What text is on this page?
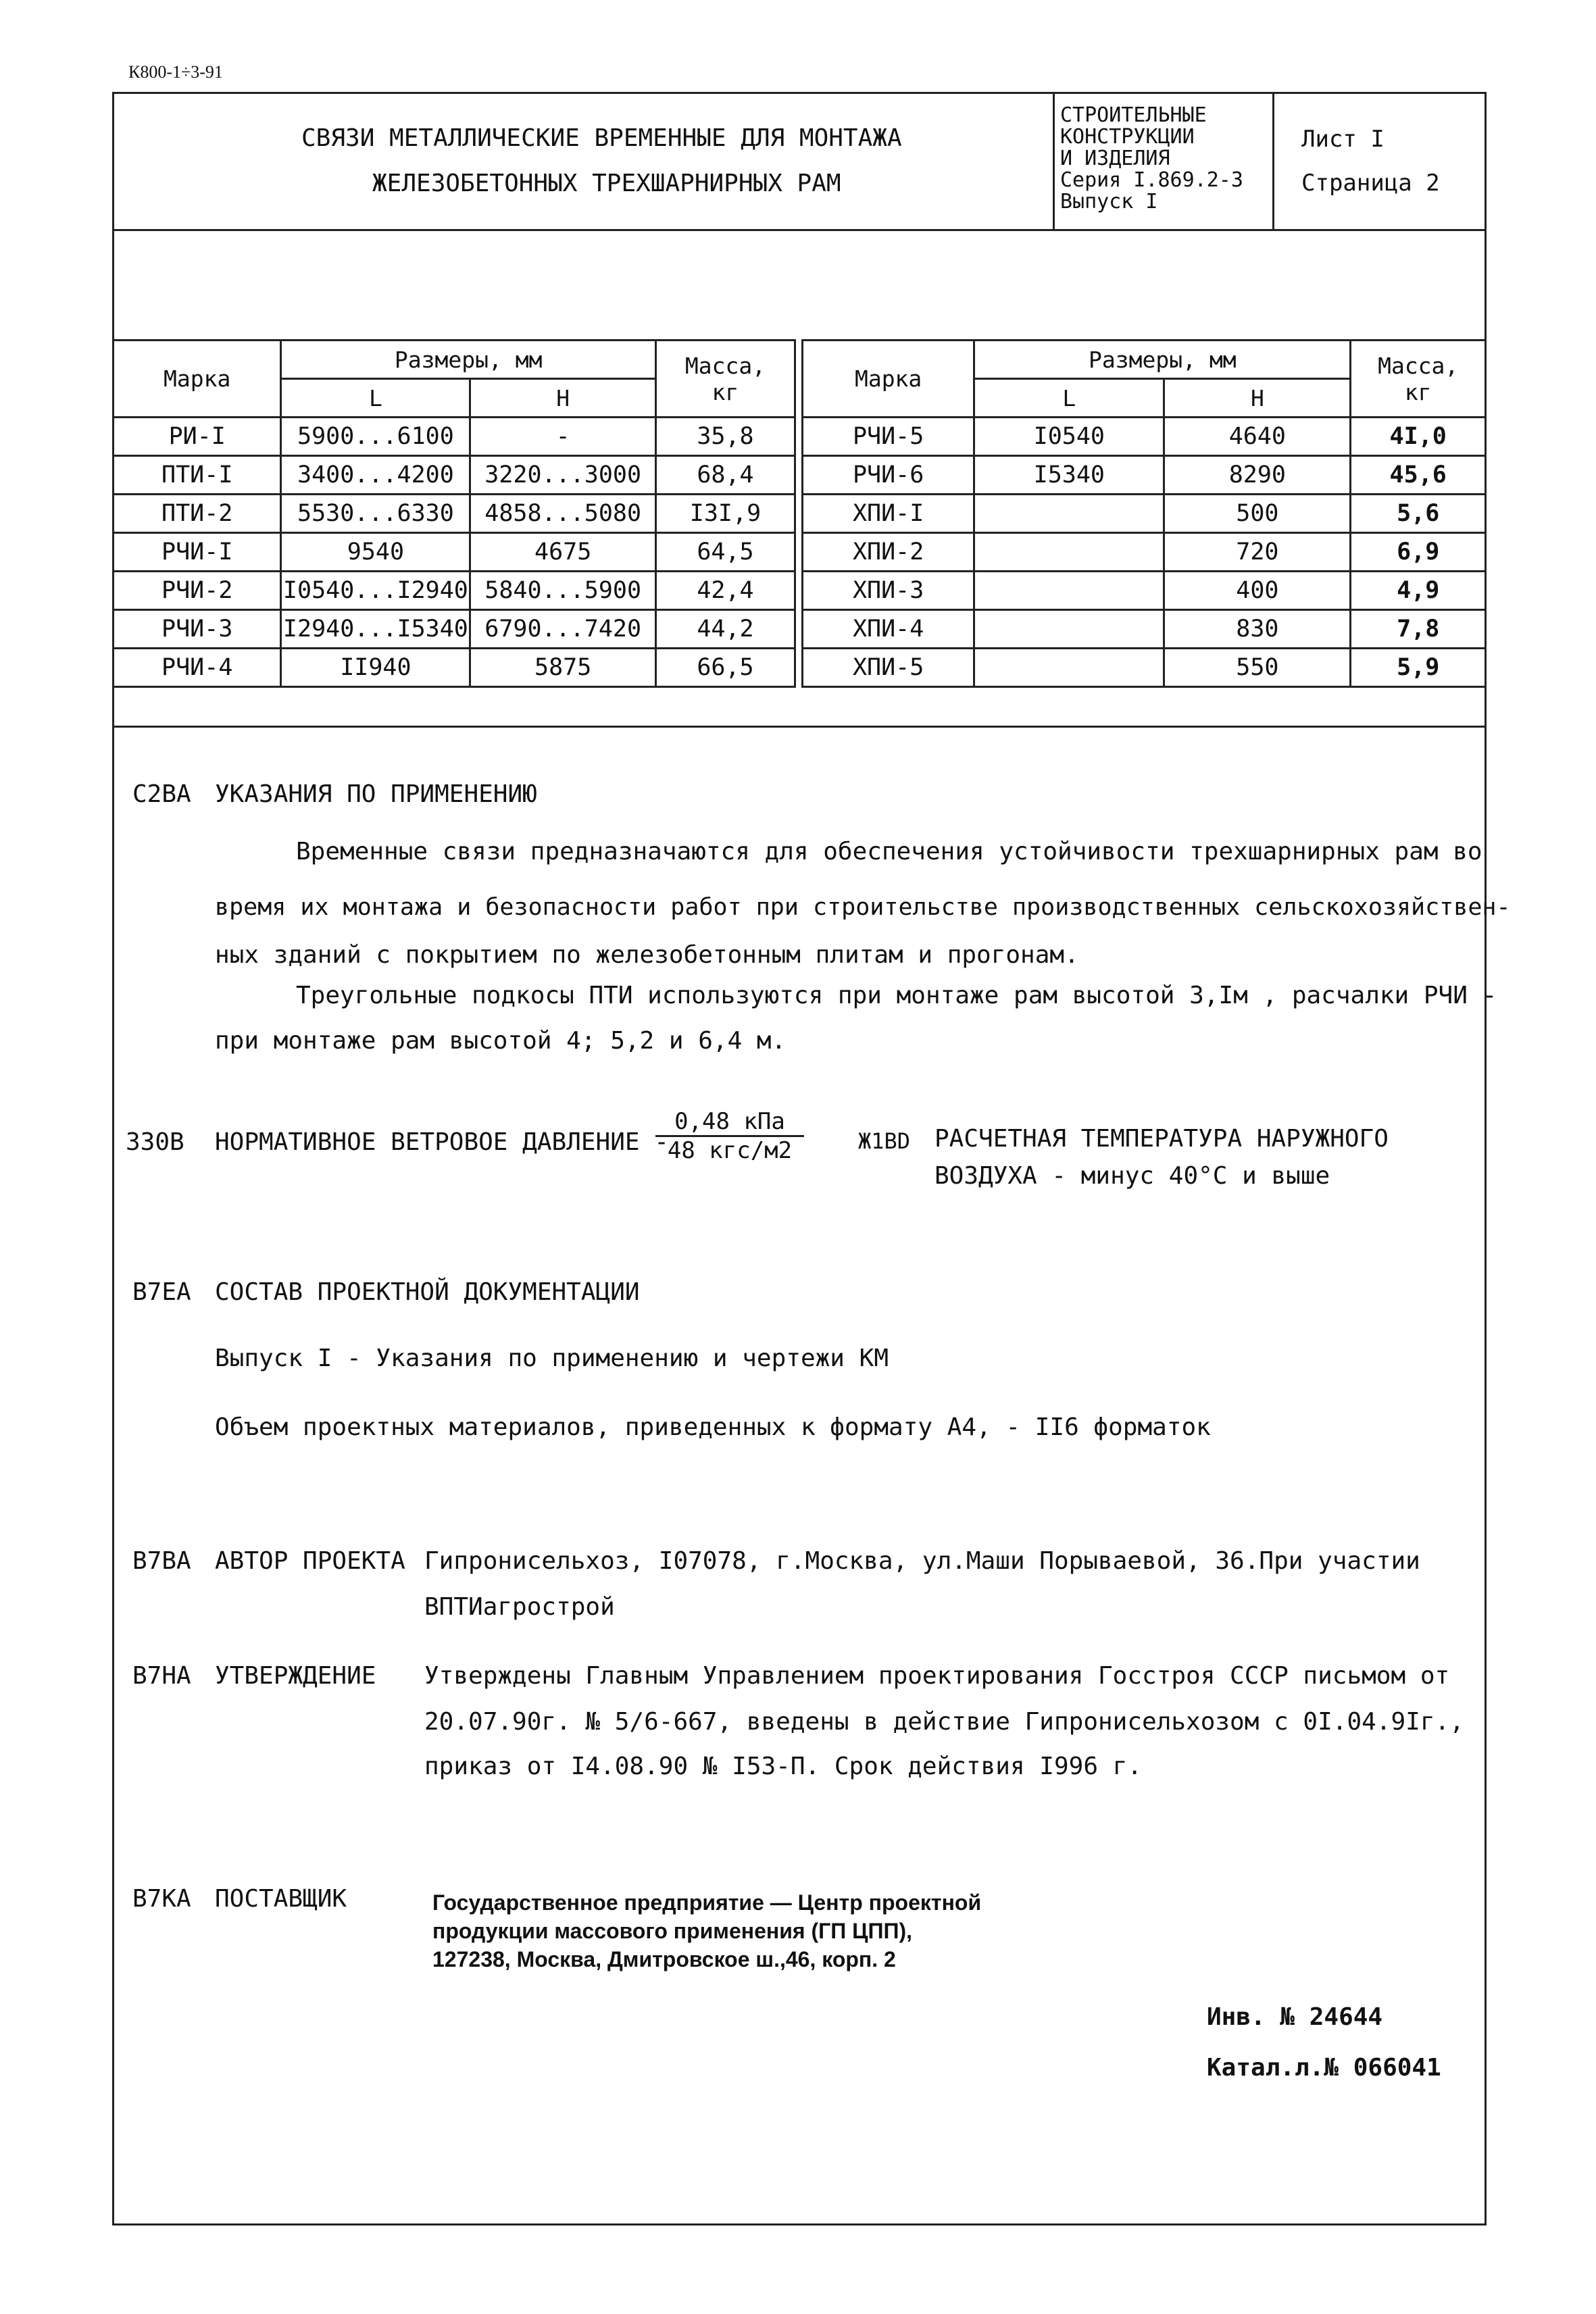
К800-1÷3-91
СВЯЗИ МЕТАЛЛИЧЕСКИЕ ВРЕМЕННЫЕ ДЛЯ МОНТАЖА
ЖЕЛЕЗОБЕТОННЫХ ТРЕХШАРНИРНЫХ РАМ
СТРОИТЕЛЬНЫЕ
КОНСТРУКЦИИ
И ИЗДЕЛИЯ
Серия I.869.2-3
Выпуск I
Лист I
Страница 2
Марка	Размеры, мм		Масса,
кг
	L	Н	
РИ-I	5900...6100	-	35,8
ПТИ-I	3400...4200	3220...3000	68,4
ПТИ-2	5530...6330	4858...5080	I3I,9
РЧИ-I	9540	4675	64,5
РЧИ-2	I0540...I2940	5840...5900	42,4
РЧИ-3	I2940...I5340	6790...7420	44,2
РЧИ-4	II940	5875	66,5
Марка	Размеры, мм		Масса,
кг
	L	Н	
РЧИ-5	I0540	4640	4I,0
РЧИ-6	I5340	8290	45,6
ХПИ-I		500	5,6
ХПИ-2		720	6,9
ХПИ-3		400	4,9
ХПИ-4		830	7,8
ХПИ-5		550	5,9
С2ВА УКАЗАНИЯ ПО ПРИМЕНЕНИЮ
Временные связи предназначаются для обеспечения устойчивости трехшарнирных рам во
время их монтажа и безопасности работ при строительстве производственных сельскохозяйствен-
ных зданий с покрытием по железобетонным плитам и прогонам.
Треугольные подкосы ПТИ используются при монтаже рам высотой 3,Iм , расчалки РЧИ -
при монтаже рам высотой 4; 5,2 и 6,4 м.
330В НОРМАТИВНОЕ ВЕТРОВОЕ ДАВЛЕНИЕ -
0,48 кПа
48 кгс/м2	Ж1ВD РАСЧЕТНАЯ ТЕМПЕРАТУРА НАРУЖНОГО
ВОЗДУХА - минус 40°С и выше
В7ЕА СОСТАВ ПРОЕКТНОЙ ДОКУМЕНТАЦИИ
Выпуск I - Указания по применению и чертежи КМ
Объем проектных материалов, приведенных к формату А4, - II6 форматок
В7ВА АВТОР ПРОЕКТА Гипронисельхоз, I07078, г.Москва, ул.Маши Порываевой, 36.При участии
ВПТИагрострой
В7НА УТВЕРЖДЕНИЕ Утверждены Главным Управлением проектирования Госстроя СССР письмом от
20.07.90г. № 5/6-667, введены в действие Гипронисельхозом с 0I.04.9Iг.,
приказ от I4.08.90 № I53-П. Срок действия I996 г.
В7КА ПОСТАВЩИК	Государственное предприятие — Центр проектной
продукции массового применения (ГП ЦПП),
127238, Москва, Дмитровское ш.,46, корп. 2
Инв. № 24644
Катал.л.№ 066041
